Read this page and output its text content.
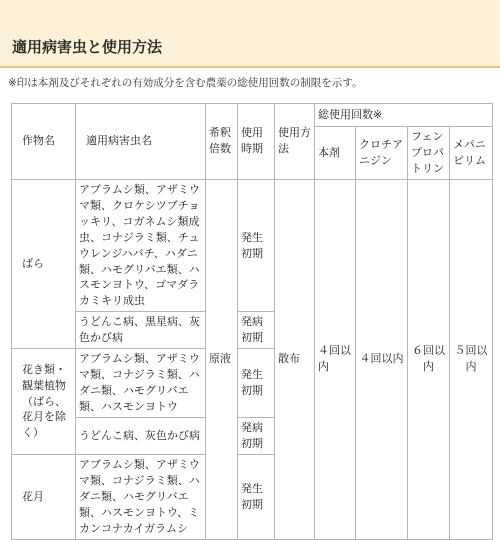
適用病害虫と使用方法
※印は本剤及びそれぞれの有効成分を含む農薬の総使用回数の制限を示す。
作物名	適用病害虫名	希釈倍数	使用時期	使用方法	総使用回数※			
					本剤	クロチアニジン	フェンプロパトリン	メパニピリム
ばら	アブラムシ類、アザミウマ類、クロケシツブチョッキリ、コガネムシ類成虫、コナジラミ類、チュウレンジハバチ、ハダニ類、ハモグリバエ類、ハスモンヨトウ、ゴマダラカミキリ成虫	原液	発生初期	散布	４回以内	４回以内	６回以内	５回以内
	うどんこ病、黒星病、灰色かび病		発病初期					
花き類・観葉植物（ばら、花月を除く）	アブラムシ類、アザミウマ類、コナジラミ類、ハダニ類、ハモグリバエ類、ハスモンヨトウ		発生初期					
	うどんこ病、灰色かび病		発病初期					
花月	アブラムシ類、アザミウマ類、コナジラミ類、ハダニ類、ハモグリバエ類、ハスモンヨトウ、ミカンコナカイガラムシ		発生初期					
